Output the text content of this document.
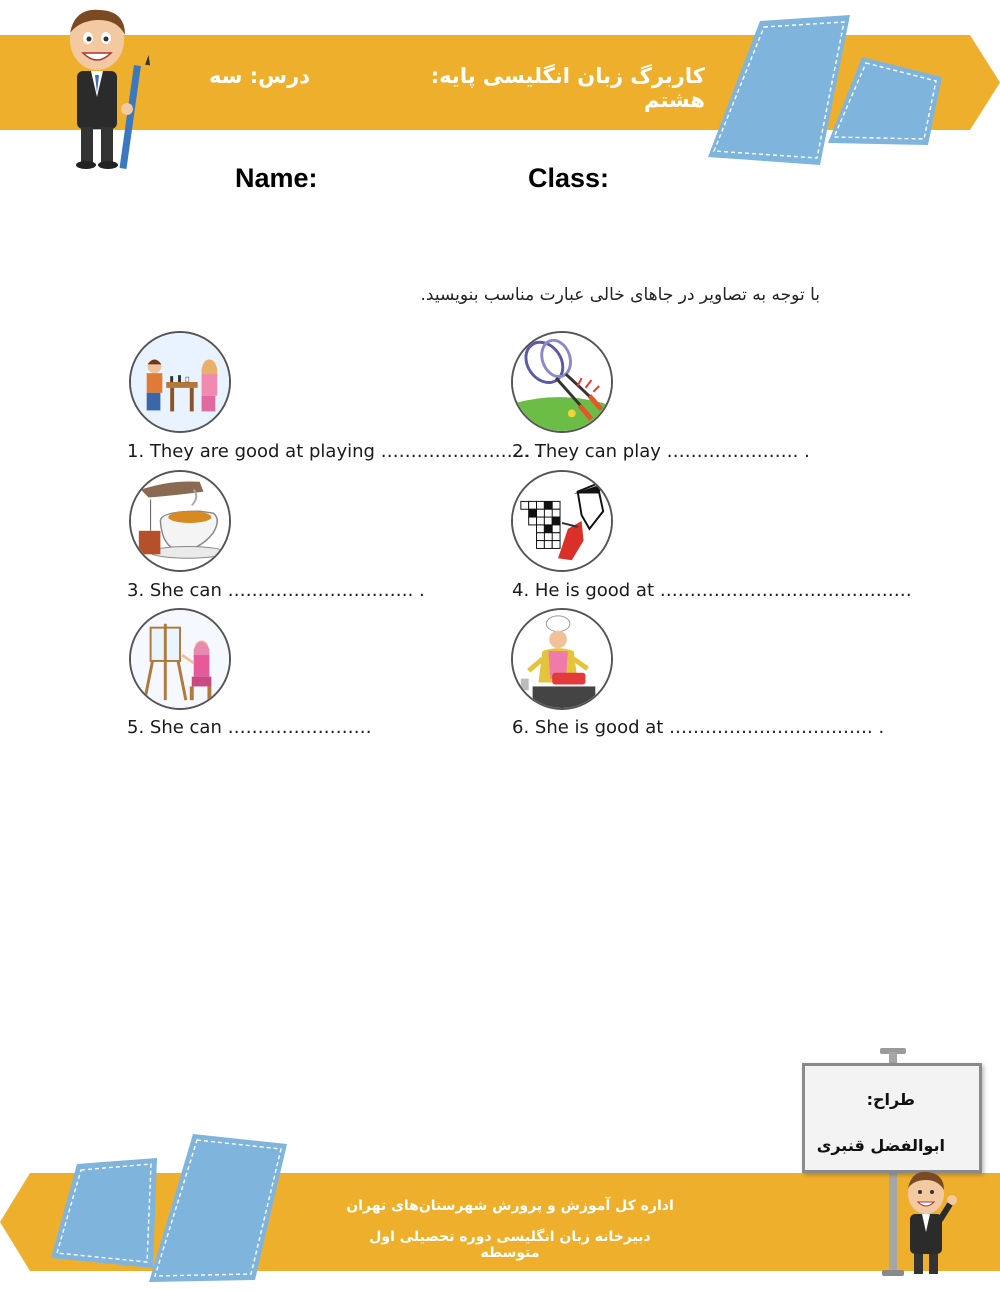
کاربرگ زبان انگلیسی پایه: هشتم
درس: سه
Name:	Class:
با توجه به تصاویر در جاهای خالی عبارت مناسب بنویسید.
1. They are good at playing ……………………. .
2. They can play …………………. .
3. She can …………………………. .	4. He is good at ……………………………………
5. She can ……………………	6. She is good at ……………………………. .
اداره کل آموزش و پرورش شهرستان‌های تهران
دبیرخانه زبان انگلیسی دوره تحصیلی اول متوسطه
طراح:
ابوالفضل قنبری
